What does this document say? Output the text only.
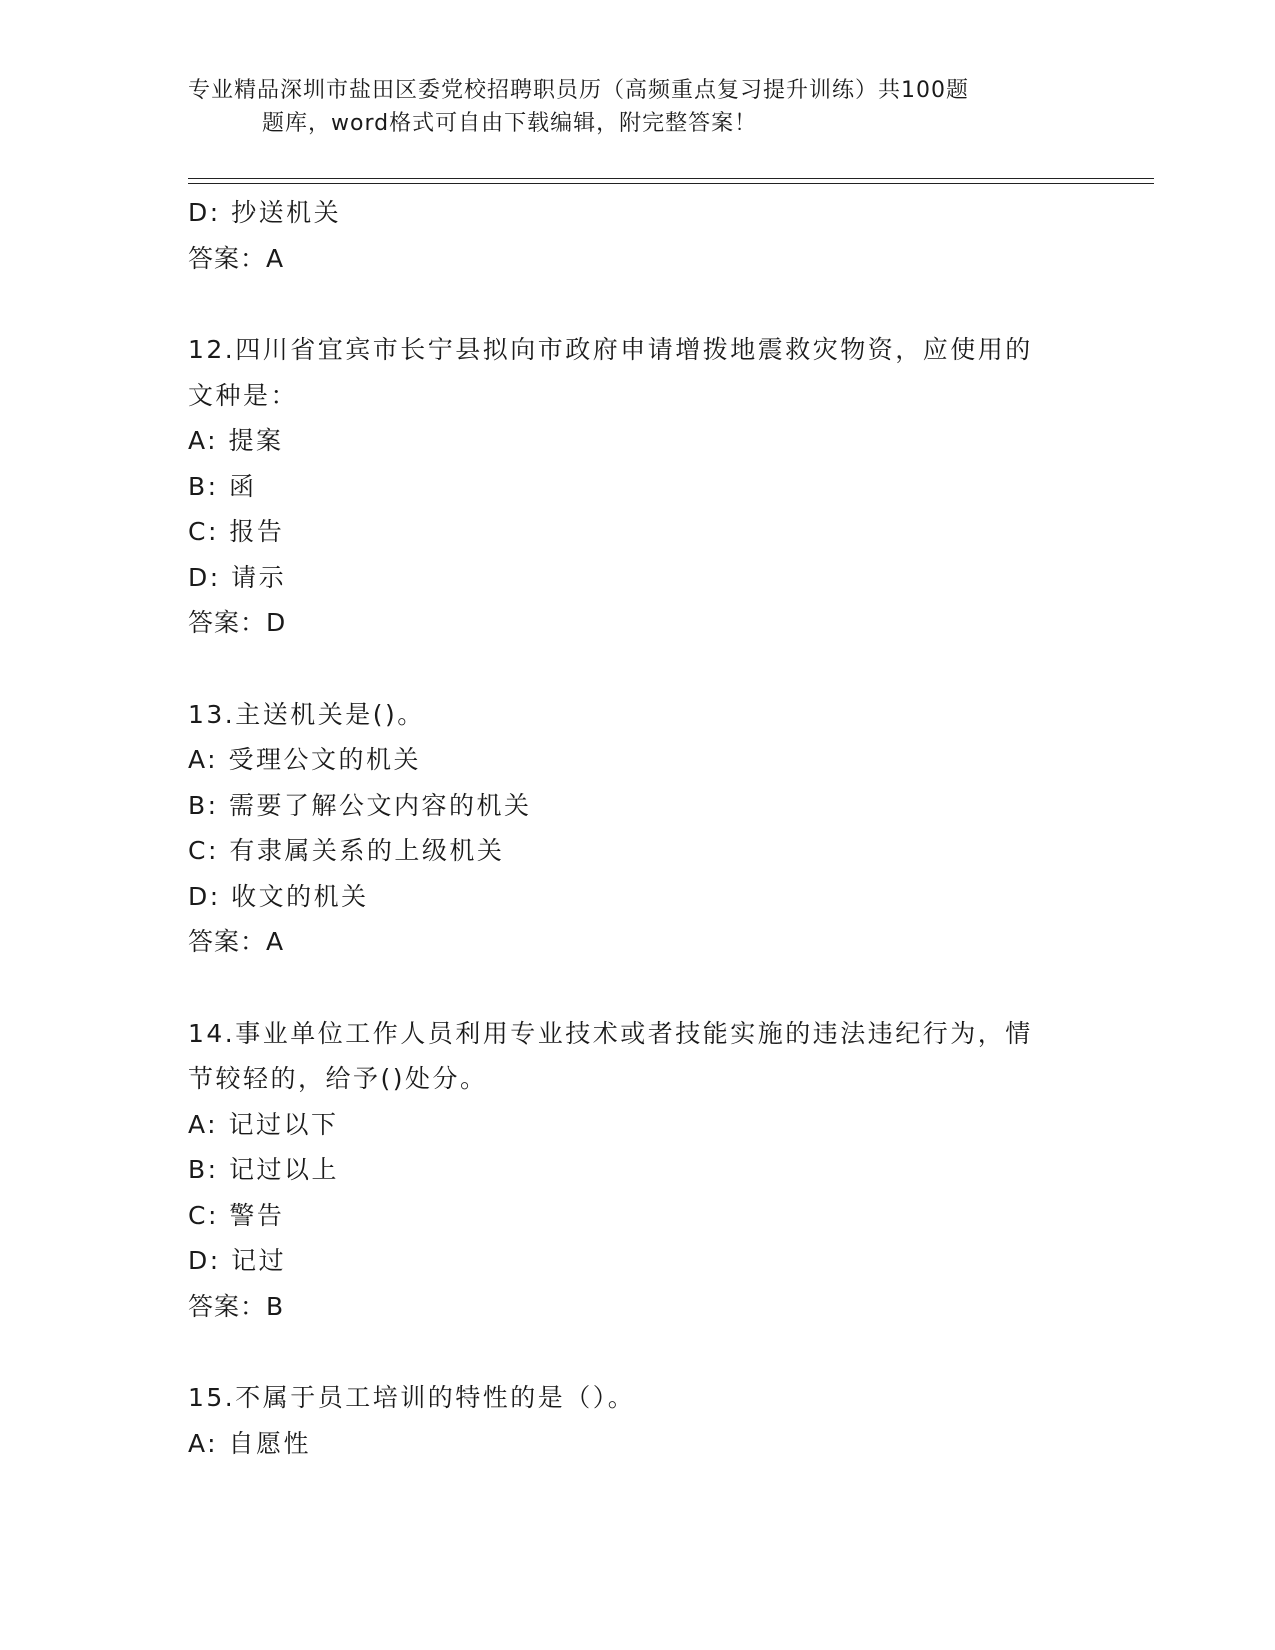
专业精品深圳市盐田区委党校招聘职员历（高频重点复习提升训练）共100题
题库，word格式可自由下载编辑，附完整答案！
D: 抄送机关
答案：A
12.四川省宜宾市长宁县拟向市政府申请增拨地震救灾物资，应使用的
文种是：
A: 提案
B: 函
C: 报告
D: 请示
答案：D
13.主送机关是()。
A: 受理公文的机关
B: 需要了解公文内容的机关
C: 有隶属关系的上级机关
D: 收文的机关
答案：A
14.事业单位工作人员利用专业技术或者技能实施的违法违纪行为，情
节较轻的，给予()处分。
A: 记过以下
B: 记过以上
C: 警告
D: 记过
答案：B
15.不属于员工培训的特性的是（）。
A: 自愿性
